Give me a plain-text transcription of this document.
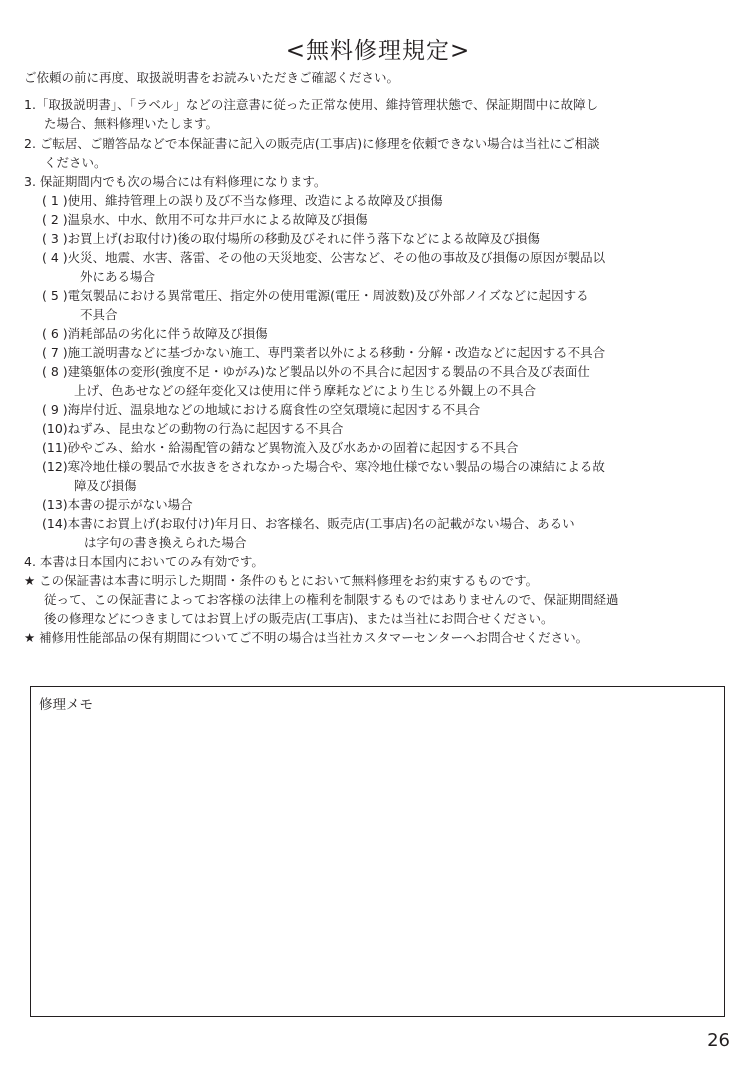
<無料修理規定>
ご依頼の前に再度、取扱説明書をお読みいただきご確認ください。
1.「取扱説明書」、「ラベル」などの注意書に従った正常な使用、維持管理状態で、保証期間中に故障し
た場合、無料修理いたします。
2. ご転居、ご贈答品などで本保証書に記入の販売店(工事店)に修理を依頼できない場合は当社にご相談
ください。
3. 保証期間内でも次の場合には有料修理になります。
( 1 )使用、維持管理上の誤り及び不当な修理、改造による故障及び損傷
( 2 )温泉水、中水、飲用不可な井戸水による故障及び損傷
( 3 )お買上げ(お取付け)後の取付場所の移動及びそれに伴う落下などによる故障及び損傷
( 4 )火災、地震、水害、落雷、その他の天災地変、公害など、その他の事故及び損傷の原因が製品以
外にある場合
( 5 )電気製品における異常電圧、指定外の使用電源(電圧・周波数)及び外部ノイズなどに起因する
不具合
( 6 )消耗部品の劣化に伴う故障及び損傷
( 7 )施工説明書などに基づかない施工、専門業者以外による移動・分解・改造などに起因する不具合
( 8 )建築躯体の変形(強度不足・ゆがみ)など製品以外の不具合に起因する製品の不具合及び表面仕
上げ、色あせなどの経年変化又は使用に伴う摩耗などにより生じる外観上の不具合
( 9 )海岸付近、温泉地などの地域における腐食性の空気環境に起因する不具合
(10)ねずみ、昆虫などの動物の行為に起因する不具合
(11)砂やごみ、給水・給湯配管の錆など異物流入及び水あかの固着に起因する不具合
(12)寒冷地仕様の製品で水抜きをされなかった場合や、寒冷地仕様でない製品の場合の凍結による故
障及び損傷
(13)本書の提示がない場合
(14)本書にお買上げ(お取付け)年月日、お客様名、販売店(工事店)名の記載がない場合、あるい
は字句の書き換えられた場合
4. 本書は日本国内においてのみ有効です。
★ この保証書は本書に明示した期間・条件のもとにおいて無料修理をお約束するものです。
従って、この保証書によってお客様の法律上の権利を制限するものではありませんので、保証期間経過
後の修理などにつきましてはお買上げの販売店(工事店)、または当社にお問合せください。
★ 補修用性能部品の保有期間についてご不明の場合は当社カスタマーセンターへお問合せください。
修理メモ
26
